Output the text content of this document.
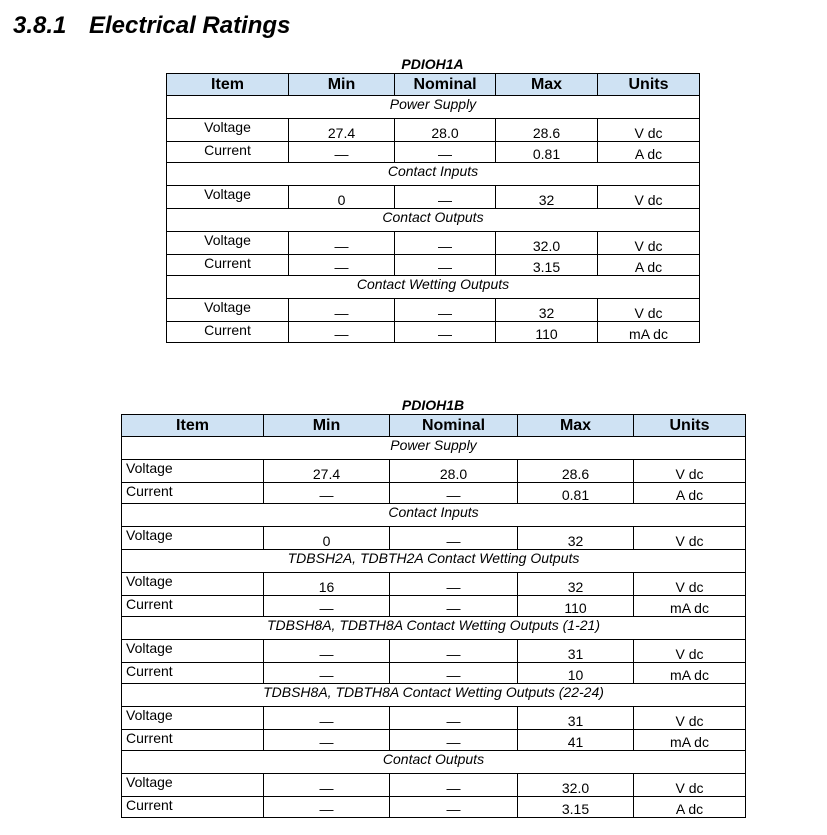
3.8.1 Electrical Ratings
PDIOH1A
Item	Min	Nominal	Max	Units
Power Supply				
Voltage	27.4	28.0	28.6	V dc
Current	—	—	0.81	A dc
Contact Inputs				
Voltage	0	—	32	V dc
Contact Outputs				
Voltage	—	—	32.0	V dc
Current	—	—	3.15	A dc
Contact Wetting Outputs				
Voltage	—	—	32	V dc
Current	—	—	110	mA dc
PDIOH1B
Item	Min	Nominal	Max	Units
Power Supply				
Voltage	27.4	28.0	28.6	V dc
Current	—	—	0.81	A dc
Contact Inputs				
Voltage	0	—	32	V dc
TDBSH2A, TDBTH2A Contact Wetting Outputs				
Voltage	16	—	32	V dc
Current	—	—	110	mA dc
TDBSH8A, TDBTH8A Contact Wetting Outputs (1-21)				
Voltage	—	—	31	V dc
Current	—	—	10	mA dc
TDBSH8A, TDBTH8A Contact Wetting Outputs (22-24)				
Voltage	—	—	31	V dc
Current	—	—	41	mA dc
Contact Outputs				
Voltage	—	—	32.0	V dc
Current	—	—	3.15	A dc
